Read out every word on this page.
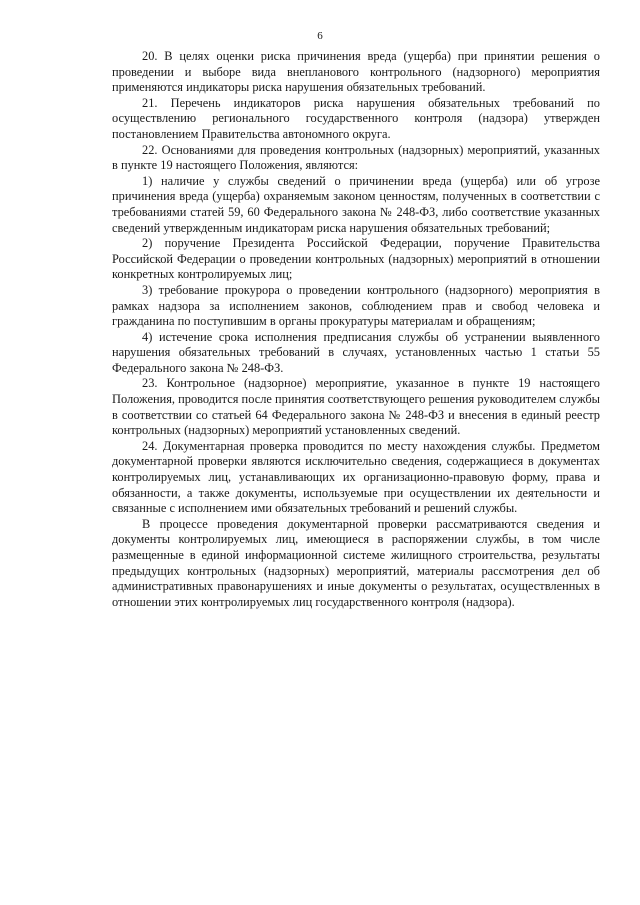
6

20. В целях оценки риска причинения вреда (ущерба) при принятии решения о проведении и выборе вида внепланового контрольного (надзорного) мероприятия применяются индикаторы риска нарушения обязательных требований.

21. Перечень индикаторов риска нарушения обязательных требований по осуществлению регионального государственного контроля (надзора) утвержден постановлением Правительства автономного округа.

22. Основаниями для проведения контрольных (надзорных) мероприятий, указанных в пункте 19 настоящего Положения, являются:

1) наличие у службы сведений о причинении вреда (ущерба) или об угрозе причинения вреда (ущерба) охраняемым законом ценностям, полученных в соответствии с требованиями статей 59, 60 Федерального закона № 248-ФЗ, либо соответствие указанных сведений утвержденным индикаторам риска нарушения обязательных требований;

2) поручение Президента Российской Федерации, поручение Правительства Российской Федерации о проведении контрольных (надзорных) мероприятий в отношении конкретных контролируемых лиц;

3) требование прокурора о проведении контрольного (надзорного) мероприятия в рамках надзора за исполнением законов, соблюдением прав и свобод человека и гражданина по поступившим в органы прокуратуры материалам и обращениям;

4) истечение срока исполнения предписания службы об устранении выявленного нарушения обязательных требований в случаях, установленных частью 1 статьи 55 Федерального закона № 248-ФЗ.

23. Контрольное (надзорное) мероприятие, указанное в пункте 19 настоящего Положения, проводится после принятия соответствующего решения руководителем службы в соответствии со статьей 64 Федерального закона № 248-ФЗ и внесения в единый реестр контрольных (надзорных) мероприятий установленных сведений.

24. Документарная проверка проводится по месту нахождения службы. Предметом документарной проверки являются исключительно сведения, содержащиеся в документах контролируемых лиц, устанавливающих их организационно-правовую форму, права и обязанности, а также документы, используемые при осуществлении их деятельности и связанные с исполнением ими обязательных требований и решений службы.

В процессе проведения документарной проверки рассматриваются сведения и документы контролируемых лиц, имеющиеся в распоряжении службы, в том числе размещенные в единой информационной системе жилищного строительства, результаты предыдущих контрольных (надзорных) мероприятий, материалы рассмотрения дел об административных правонарушениях и иные документы о результатах, осуществленных в отношении этих контролируемых лиц государственного контроля (надзора).
